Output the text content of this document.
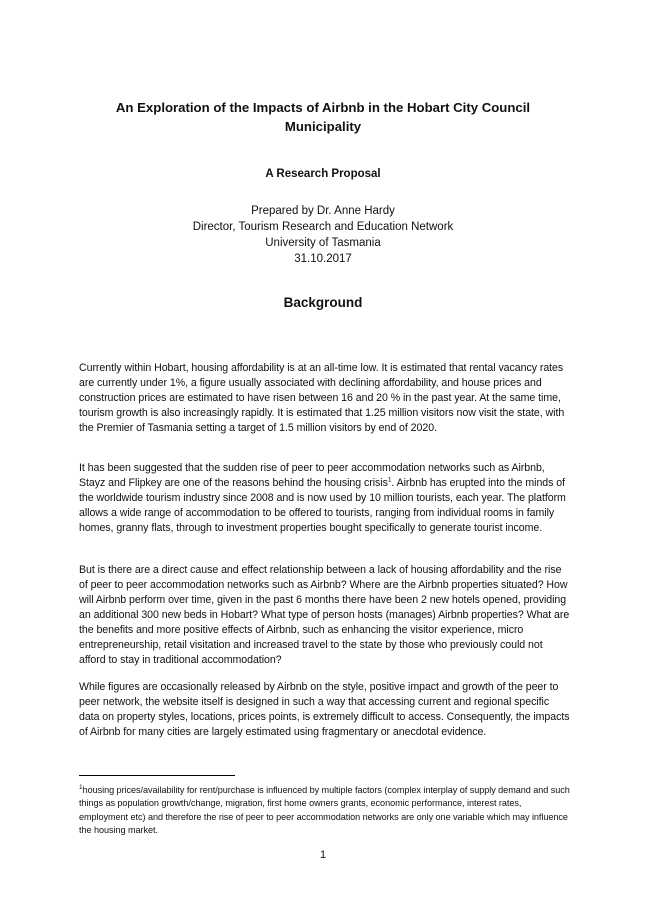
An Exploration of the Impacts of Airbnb in the Hobart City Council Municipality
A Research Proposal
Prepared by Dr. Anne Hardy
Director, Tourism Research and Education Network
University of Tasmania
31.10.2017
Background

Currently within Hobart, housing affordability is at an all-time low. It is estimated that rental vacancy rates are currently under 1%, a figure usually associated with declining affordability, and house prices and construction prices are estimated to have risen between 16 and 20 % in the past year. At the same time, tourism growth is also increasingly rapidly. It is estimated that 1.25 million visitors now visit the state, with the Premier of Tasmania setting a target of 1.5 million visitors by end of 2020.

It has been suggested that the sudden rise of peer to peer accommodation networks such as Airbnb, Stayz and Flipkey are one of the reasons behind the housing crisis$^1$. Airbnb has erupted into the minds of the worldwide tourism industry since 2008 and is now used by 10 million tourists, each year. The platform allows a wide range of accommodation to be offered to tourists, ranging from individual rooms in family homes, granny flats, through to investment properties bought specifically to generate tourist income.

But is there are a direct cause and effect relationship between a lack of housing affordability and the rise of peer to peer accommodation networks such as Airbnb? Where are the Airbnb properties situated? How will Airbnb perform over time, given in the past 6 months there have been 2 new hotels opened, providing an additional 300 new beds in Hobart? What type of person hosts (manages) Airbnb properties? What are the benefits and more positive effects of Airbnb, such as enhancing the visitor experience, micro entrepreneurship, retail visitation and increased travel to the state by those who previously could not afford to stay in traditional accommodation?

While figures are occasionally released by Airbnb on the style, positive impact and growth of the peer to peer network, the website itself is designed in such a way that accessing current and regional specific data on property styles, locations, prices points, is extremely difficult to access. Consequently, the impacts of Airbnb for many cities are largely estimated using fragmentary or anecdotal evidence.

$^1$housing prices/availability for rent/purchase is influenced by multiple factors (complex interplay of supply demand and such things as population growth/change, migration, first home owners grants, economic performance, interest rates, employment etc) and therefore the rise of peer to peer accommodation networks are only one variable which may influence the housing market.

1
